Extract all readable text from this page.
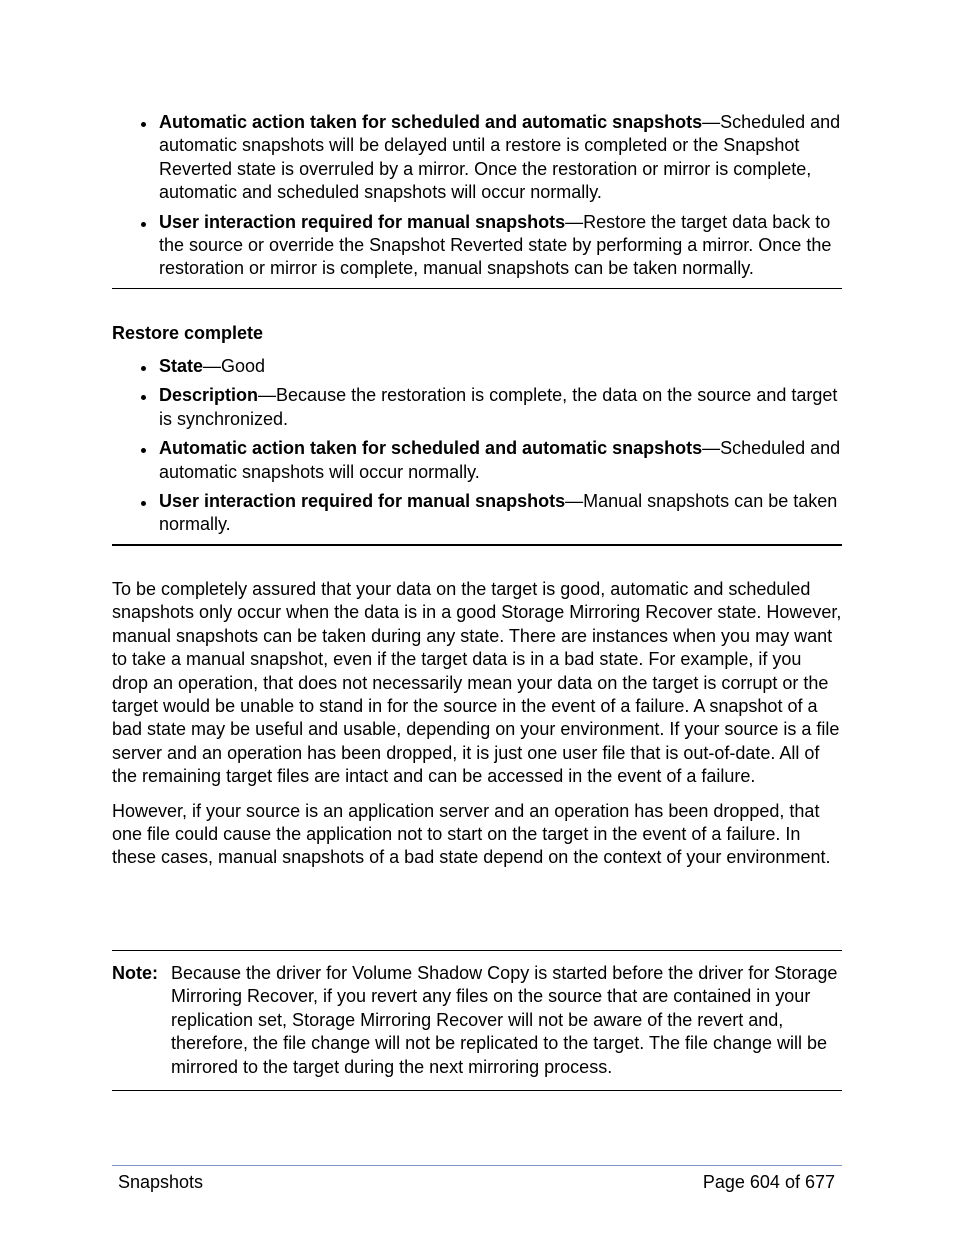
Automatic action taken for scheduled and automatic snapshots—Scheduled and automatic snapshots will be delayed until a restore is completed or the Snapshot Reverted state is overruled by a mirror. Once the restoration or mirror is complete, automatic and scheduled snapshots will occur normally.
User interaction required for manual snapshots—Restore the target data back to the source or override the Snapshot Reverted state by performing a mirror. Once the restoration or mirror is complete, manual snapshots can be taken normally.
Restore complete
State—Good
Description—Because the restoration is complete, the data on the source and target is synchronized.
Automatic action taken for scheduled and automatic snapshots—Scheduled and automatic snapshots will occur normally.
User interaction required for manual snapshots—Manual snapshots can be taken normally.

To be completely assured that your data on the target is good, automatic and scheduled snapshots only occur when the data is in a good Storage Mirroring Recover state. However, manual snapshots can be taken during any state. There are instances when you may want to take a manual snapshot, even if the target data is in a bad state. For example, if you drop an operation, that does not necessarily mean your data on the target is corrupt or the target would be unable to stand in for the source in the event of a failure. A snapshot of a bad state may be useful and usable, depending on your environment. If your source is a file server and an operation has been dropped, it is just one user file that is out-of-date. All of the remaining target files are intact and can be accessed in the event of a failure.

However, if your source is an application server and an operation has been dropped, that one file could cause the application not to start on the target in the event of a failure. In these cases, manual snapshots of a bad state depend on the context of your environment.

Note: Because the driver for Volume Shadow Copy is started before the driver for Storage Mirroring Recover, if you revert any files on the source that are contained in your replication set, Storage Mirroring Recover will not be aware of the revert and, therefore, the file change will not be replicated to the target. The file change will be mirrored to the target during the next mirroring process.
Snapshots	Page 604 of 677
